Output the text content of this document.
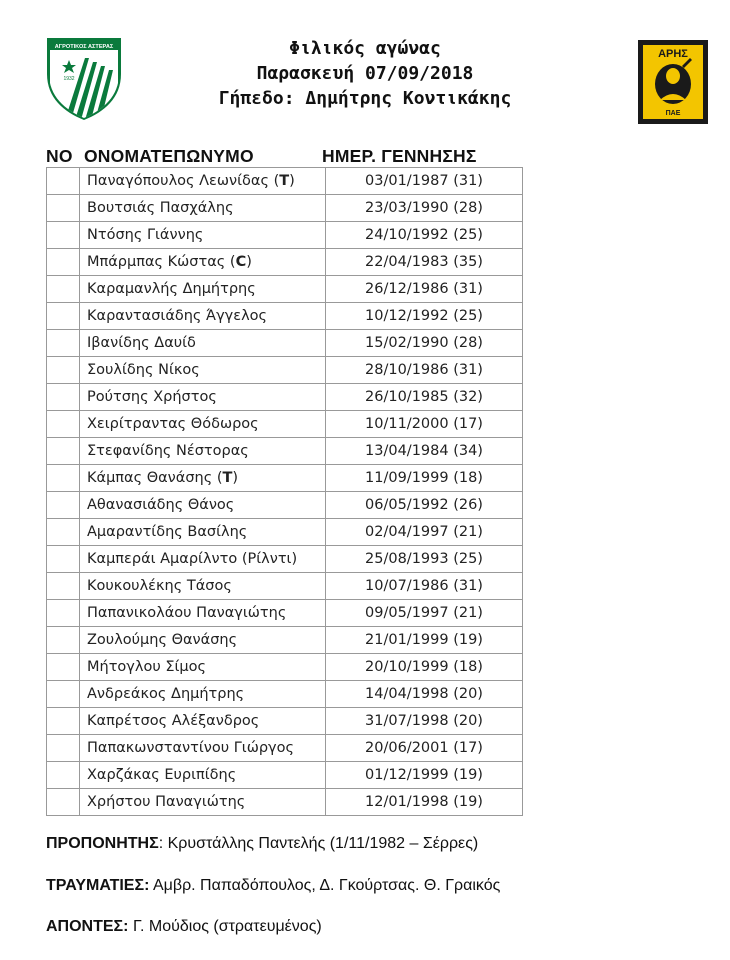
ΑΓΡΟΤΙΚΟΣ ΑΣΤΕΡΑΣ
1932
Φιλικός αγώνας
Παρασκευή 07/09/2018
Γήπεδο: Δημήτρης Κοντικάκης
ΑΡΗΣ
ΠΑΕ
ΝΟ ΟΝΟΜΑΤΕΠΩΝΥΜΟ	ΗΜΕΡ. ΓΕΝΝΗΣΗΣ
	Παναγόπουλος Λεωνίδας (T)	03/01/1987 (31)
	Βουτσιάς Πασχάλης	23/03/1990 (28)
	Ντόσης Γιάννης	24/10/1992 (25)
	Μπάρμπας Κώστας (C)	22/04/1983 (35)
	Καραμανλής Δημήτρης	26/12/1986 (31)
	Καραντασιάδης Άγγελος	10/12/1992 (25)
	Ιβανίδης Δαυίδ	15/02/1990 (28)
	Σουλίδης Νίκος	28/10/1986 (31)
	Ρούτσης Χρήστος	26/10/1985 (32)
	Χειρίτραντας Θόδωρος	10/11/2000 (17)
	Στεφανίδης Νέστορας	13/04/1984 (34)
	Κάμπας Θανάσης (T)	11/09/1999 (18)
	Αθανασιάδης Θάνος	06/05/1992 (26)
	Αμαραντίδης Βασίλης	02/04/1997 (21)
	Καμπεράι Αμαρίλντο (Ρίλντι)	25/08/1993 (25)
	Κουκουλέκης Τάσος	10/07/1986 (31)
	Παπανικολάου Παναγιώτης	09/05/1997 (21)
	Ζουλούμης Θανάσης	21/01/1999 (19)
	Μήτογλου Σίμος	20/10/1999 (18)
	Ανδρεάκος Δημήτρης	14/04/1998 (20)
	Καπρέτσος Αλέξανδρος	31/07/1998 (20)
	Παπακωνσταντίνου Γιώργος	20/06/2001 (17)
	Χαρζάκας Ευριπίδης	01/12/1999 (19)
	Χρήστου Παναγιώτης	12/01/1998 (19)
ΠΡΟΠΟΝΗΤΗΣ: Κρυστάλλης Παντελής (1/11/1982 – Σέρρες)
ΤΡΑΥΜΑΤΙΕΣ: Αμβρ. Παπαδόπουλος, Δ. Γκούρτσας. Θ. Γραικός
ΑΠΟΝΤΕΣ: Γ. Μούδιος (στρατευμένος)
